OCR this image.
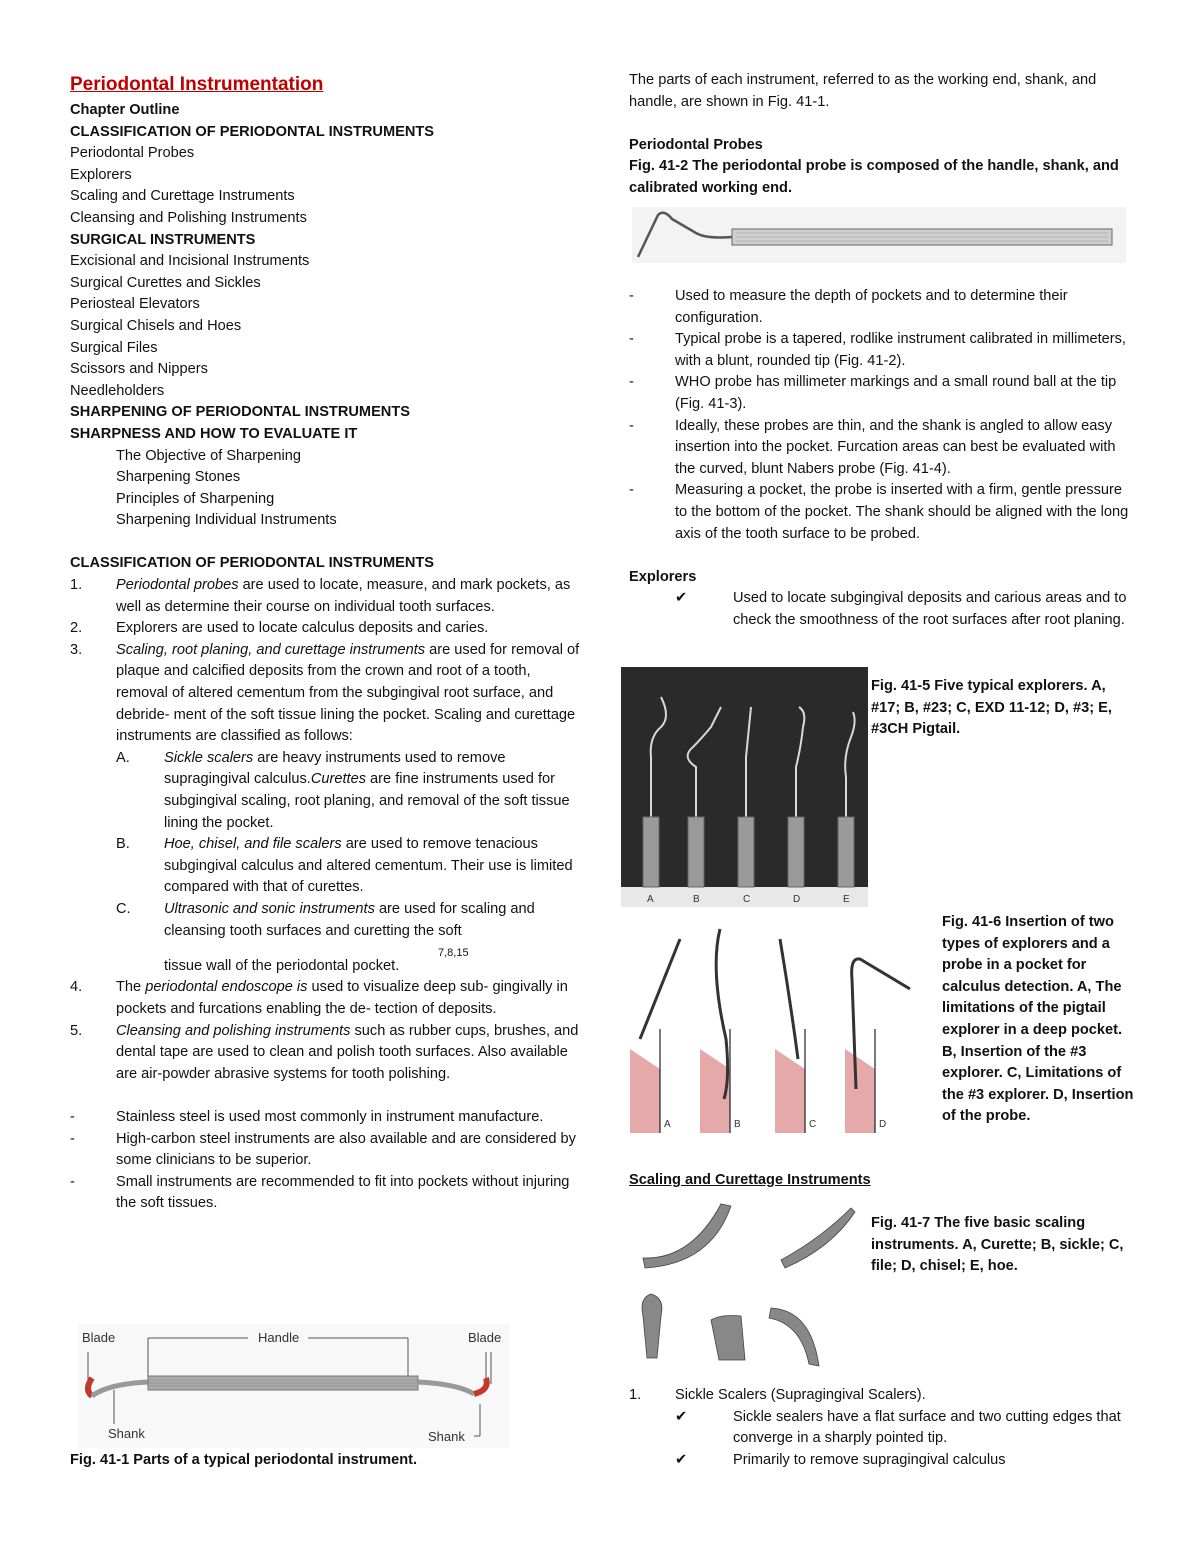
Periodontal Instrumentation
Chapter Outline
CLASSIFICATION OF PERIODONTAL INSTRUMENTS
Periodontal Probes
Explorers
Scaling and Curettage Instruments
Cleansing and Polishing Instruments
SURGICAL INSTRUMENTS
Excisional and Incisional Instruments
Surgical Curettes and Sickles
Periosteal Elevators
Surgical Chisels and Hoes
Surgical Files
Scissors and Nippers
Needleholders
SHARPENING OF PERIODONTAL INSTRUMENTS
SHARPNESS AND HOW TO EVALUATE IT
The Objective of Sharpening
Sharpening Stones
Principles of Sharpening
Sharpening Individual Instruments
CLASSIFICATION OF PERIODONTAL INSTRUMENTS
1.	Periodontal probes are used to locate, measure, and mark pockets, as well as determine their course on individual tooth surfaces.
2.	Explorers are used to locate calculus deposits and caries.
3.	Scaling, root planing, and curettage instruments are used for removal of plaque and calcified deposits from the crown and root of a tooth, removal of altered cementum from the subgingival root surface, and debride- ment of the soft tissue lining the pocket. Scaling and curettage instruments are classified as follows:
A.	Sickle scalers are heavy instruments used to remove supragingival calculus.Curettes are fine instruments used for subgingival scaling, root planing, and removal of the soft tissue lining the pocket.
B.	Hoe, chisel, and file scalers are used to remove tenacious subgingival calculus and altered cementum. Their use is limited compared with that of curettes.
C.	Ultrasonic and sonic instruments are used for scaling and cleansing tooth surfaces and curetting the soft
7,8,15
tissue wall of the periodontal pocket.
4.	The periodontal endoscope is used to visualize deep sub- gingivally in pockets and furcations enabling the de- tection of deposits.
5.	Cleansing and polishing instruments such as rubber cups, brushes, and dental tape are used to clean and polish tooth surfaces. Also available are air-powder abrasive systems for tooth polishing.
-	Stainless steel is used most commonly in instrument manufacture.
-	High-carbon steel instruments are also available and are considered by some clinicians to be superior.
-	Small instruments are recommended to fit into pockets without injuring the soft tissues.
Blade	Handle	Blade
Shank	Shank
Fig. 41-1 Parts of a typical periodontal instrument.
The parts of each instrument, referred to as the working end, shank, and handle, are shown in Fig. 41-1.
Periodontal Probes
Fig. 41-2 The periodontal probe is composed of the handle, shank, and calibrated working end.
-	Used to measure the depth of pockets and to determine their configuration.
-	Typical probe is a tapered, rodlike instrument calibrated in millimeters, with a blunt, rounded tip (Fig. 41-2).
-	WHO probe has millimeter markings and a small round ball at the tip (Fig. 41-3).
-	Ideally, these probes are thin, and the shank is angled to allow easy insertion into the pocket. Furcation areas can best be evaluated with the curved, blunt Nabers probe (Fig. 41-4).
-	Measuring a pocket, the probe is inserted with a firm, gentle pressure to the bottom of the pocket. The shank should be aligned with the long axis of the tooth surface to be probed.
Explorers
✔	Used to locate subgingival deposits and carious areas and to check the smoothness of the root surfaces after root planing.
A	B	C	D	E
Fig. 41-5 Five typical explorers. A, #17; B, #23; C, EXD 11-12; D, #3; E, #3CH Pigtail.
A	B	C	D
Fig. 41-6 Insertion of two types of explorers and a probe in a pocket for calculus detection. A, The limitations of the pigtail explorer in a deep pocket. B, Insertion of the #3 explorer. C, Limitations of the #3 explorer. D, Insertion of the probe.
Scaling and Curettage Instruments
Fig. 41-7 The five basic scaling instruments. A, Curette; B, sickle; C, file; D, chisel; E, hoe.
1.	Sickle Scalers (Supragingival Scalers).
✔	Sickle sealers have a flat surface and two cutting edges that converge in a sharply pointed tip.
✔	Primarily to remove supragingival calculus
